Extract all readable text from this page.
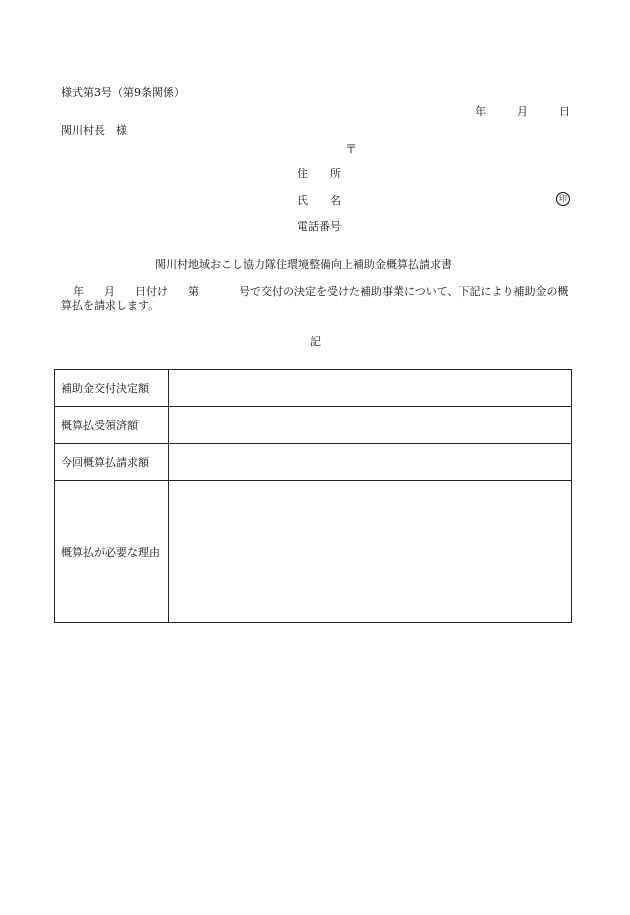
様式第3号（第9条関係）
年	月	日
関川村長　様
〒
住　　所
氏　　名	印
電話番号
関川村地域おこし協力隊住環境整備向上補助金概算払請求書
年 月 日付け 第	号で交付の決定を受けた補助事業について、下記により補助金の概算払を請求します。
記
補助金交付決定額	
概算払受領済額	
今回概算払請求額	
概算払が必要な理由	
